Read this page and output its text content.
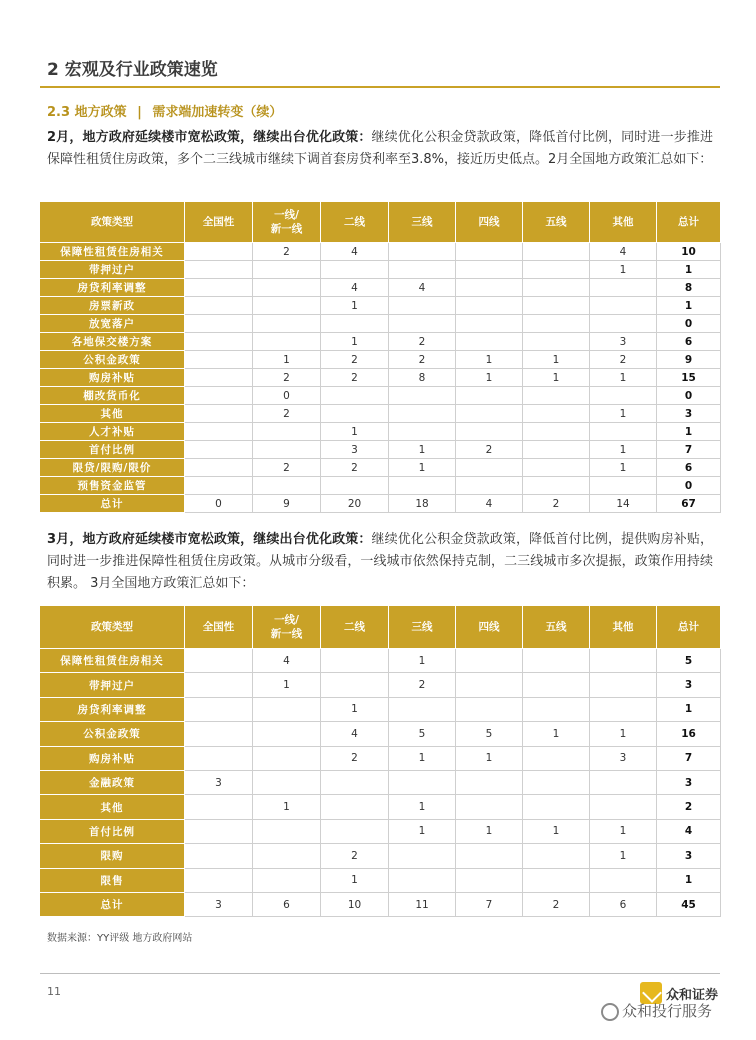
2 宏观及行业政策速览
2.3 地方政策 | 需求端加速转变（续）
2月，地方政府延续楼市宽松政策，继续出台优化政策：继续优化公积金贷款政策，降低首付比例，同时进一步推进保障性租赁住房政策，多个二三线城市继续下调首套房贷利率至3.8%，接近历史低点。2月全国地方政策汇总如下：
政策类型	全国性	一线/
新一线	二线	三线	四线	五线	其他	总计
保障性租赁住房相关		2	4				4	10
带押过户							1	1
房贷利率调整			4	4				8
房票新政			1					1
放宽落户								0
各地保交楼方案			1	2			3	6
公积金政策		1	2	2	1	1	2	9
购房补贴		2	2	8	1	1	1	15
棚改货币化		0						0
其他		2					1	3
人才补贴			1					1
首付比例			3	1	2		1	7
限贷/限购/限价		2	2	1			1	6
预售资金监管								0
总计	0	9	20	18	4	2	14	67
3月，地方政府延续楼市宽松政策，继续出台优化政策：继续优化公积金贷款政策，降低首付比例，提供购房补贴，同时进一步推进保障性租赁住房政策。从城市分级看，一线城市依然保持克制，二三线城市多次提振，政策作用持续积累。 3月全国地方政策汇总如下：
政策类型	全国性	一线/
新一线	二线	三线	四线	五线	其他	总计
保障性租赁住房相关		4		1				5
带押过户		1		2				3
房贷利率调整			1					1
公积金政策			4	5	5	1	1	16
购房补贴			2	1	1		3	7
金融政策	3							3
其他		1		1				2
首付比例				1	1	1	1	4
限购			2				1	3
限售			1					1
总计	3	6	10	11	7	2	6	45
数据来源：YY评级 地方政府网站
11	众和证券
众和投行服务
